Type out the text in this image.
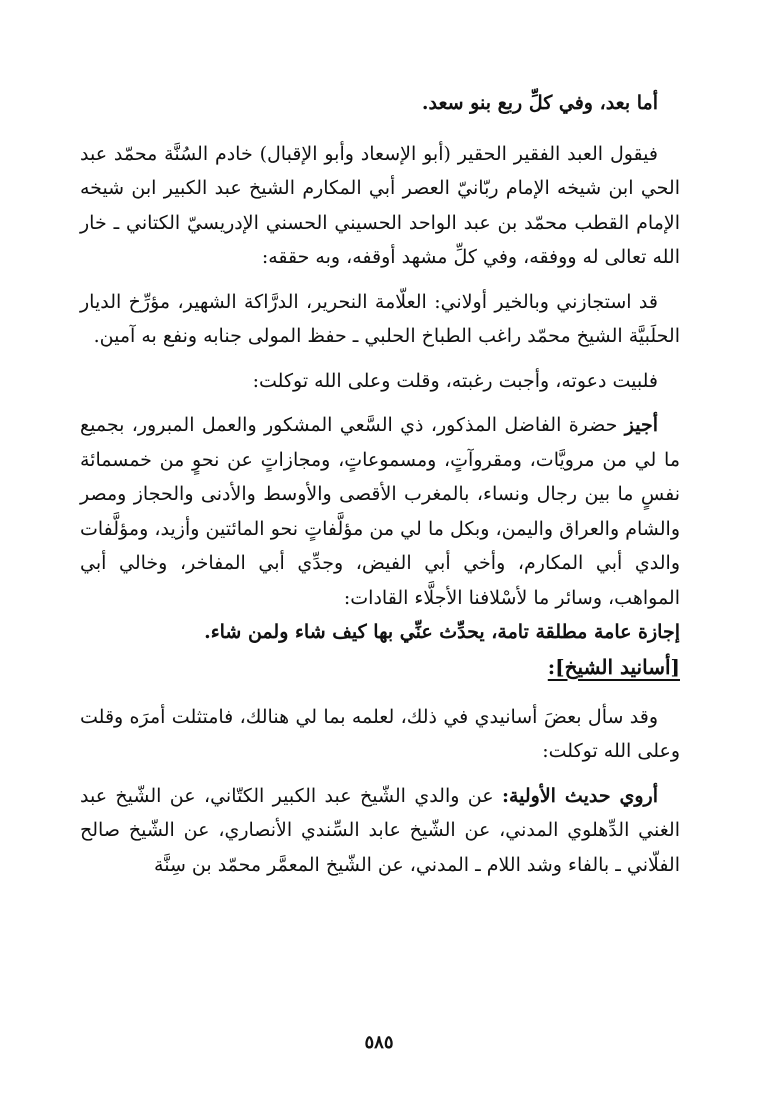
أما بعد، وفي كلِّ ربع بنو سعد.

فيقول العبد الفقير الحقير (أبو الإسعاد وأبو الإقبال) خادم السُنَّة محمّد عبد الحي ابن شيخه الإمام ربّانيّ العصر أبي المكارم الشيخ عبد الكبير ابن شيخه الإمام القطب محمّد بن عبد الواحد الحسيني الحسني الإدريسيّ الكتاني ـ خار الله تعالى له ووفقه، وفي كلِّ مشهد أوقفه، وبه حققه:

قد استجازني وبالخير أولاني: العلّامة النحرير، الدرَّاكة الشهير، مؤرِّخ الديار الحلَبيَّة الشيخ محمّد راغب الطباخ الحلبي ـ حفظ المولى جنابه ونفع به آمين.

فلبيت دعوته، وأجبت رغبته، وقلت وعلى الله توكلت:

أجيز حضرة الفاضل المذكور، ذي السَّعي المشكور والعمل المبرور، بجميع ما لي من مرويَّات، ومقروآتٍ، ومسموعاتٍ، ومجازاتٍ عن نحوٍ من خمسمائة نفسٍ ما بين رجال ونساء، بالمغرب الأقصى والأوسط والأدنى والحجاز ومصر والشام والعراق واليمن، وبكل ما لي من مؤلَّفاتٍ نحو المائتين وأزيد، ومؤلَّفات والدي أبي المكارم، وأخي أبي الفيض، وجدِّي أبي المفاخر، وخالي أبي المواهب، وسائر ما لأسْلافنا الأجلَّاء القادات:
إجازة عامة مطلقة تامة، يحدِّث عنِّي بها كيف شاء ولمن شاء.

[أسانيد الشيخ]:

وقد سأل بعضَ أسانيدي في ذلك، لعلمه بما لي هنالك، فامتثلت أمرَه وقلت وعلى الله توكلت:

أروي حديث الأولية: عن والدي الشّيخ عبد الكبير الكتّاني، عن الشّيخ عبد الغني الدِّهلوي المدني، عن الشّيخ عابد السِّندي الأنصاري، عن الشّيخ صالح الفلّاني ـ بالفاء وشد اللام ـ المدني، عن الشّيخ المعمَّر محمّد بن سِنَّة

٥٨٥
